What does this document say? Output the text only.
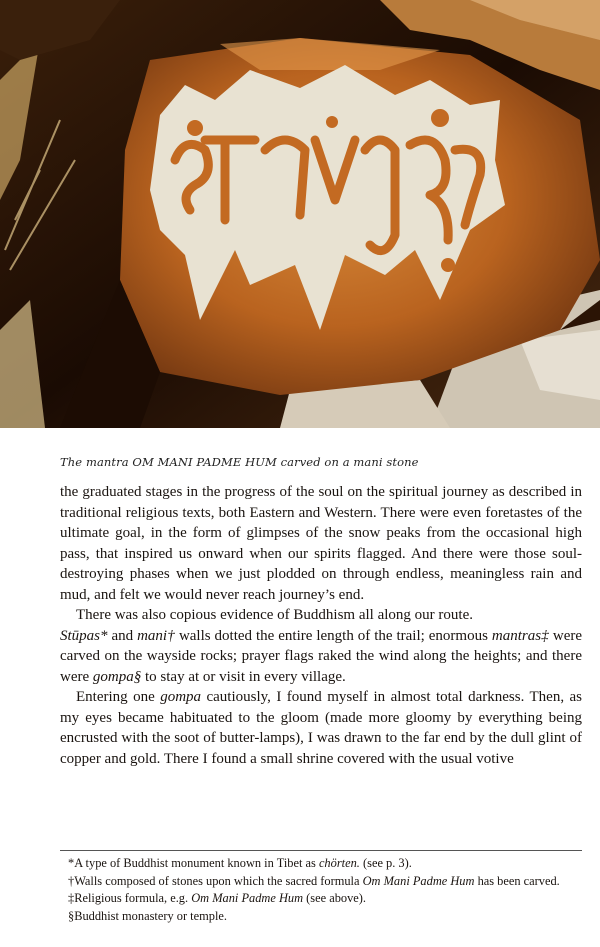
The mantra OM MANI PADME HUM carved on a mani stone

the graduated stages in the progress of the soul on the spiritual journey as described in traditional religious texts, both Eastern and Western. There were even foretastes of the ultimate goal, in the form of glimpses of the snow peaks from the occasional high pass, that inspired us onward when our spirits flagged. And there were those soul-destroying phases when we just plodded on through endless, meaningless rain and mud, and felt we would never reach journey’s end.

There was also copious evidence of Buddhism all along our route.
Stūpas* and mani† walls dotted the entire length of the trail; enormous mantras‡ were carved on the wayside rocks; prayer flags raked the wind along the heights; and there were gompa§ to stay at or visit in every village.

Entering one gompa cautiously, I found myself in almost total darkness. Then, as my eyes became habituated to the gloom (made more gloomy by everything being encrusted with the soot of butter-lamps), I was drawn to the far end by the dull glint of copper and gold. There I found a small shrine covered with the usual votive

*A type of Buddhist monument known in Tibet as chörten. (see p. 3).

†Walls composed of stones upon which the sacred formula Om Mani Padme Hum has been carved.

‡Religious formula, e.g. Om Mani Padme Hum (see above).

§Buddhist monastery or temple.
